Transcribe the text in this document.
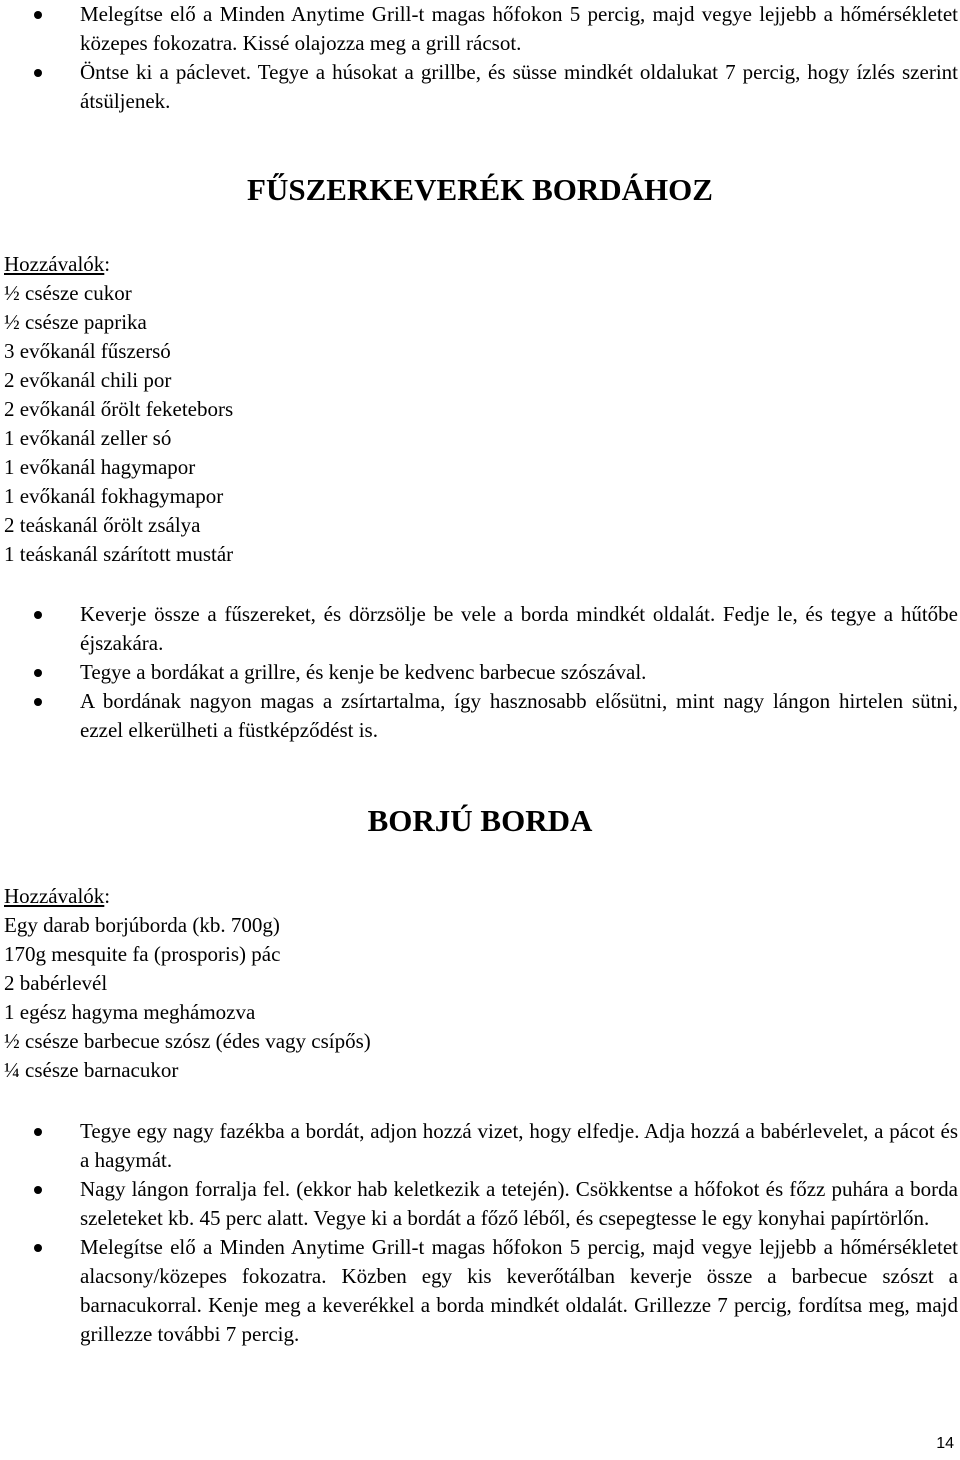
Melegítse elő a Minden Anytime Grill-t magas hőfokon 5 percig, majd vegye lejjebb a hőmérsékletet közepes fokozatra. Kissé olajozza meg a grill rácsot.
Öntse ki a páclevet. Tegye a húsokat a grillbe, és süsse mindkét oldalukat 7 percig, hogy ízlés szerint átsüljenek.
FŰSZERKEVERÉK BORDÁHOZ

Hozzávalók:

½ csésze cukor
½ csésze paprika
3 evőkanál fűszersó
2 evőkanál chili por
2 evőkanál őrölt feketebors
1 evőkanál zeller só
1 evőkanál hagymapor
1 evőkanál fokhagymapor
2 teáskanál őrölt zsálya
1 teáskanál szárított mustár
Keverje össze a fűszereket, és dörzsölje be vele a borda mindkét oldalát. Fedje le, és tegye a hűtőbe éjszakára.
Tegye a bordákat a grillre, és kenje be kedvenc barbecue szószával.
A bordának nagyon magas a zsírtartalma, így hasznosabb elősütni, mint nagy lángon hirtelen sütni, ezzel elkerülheti a füstképződést is.
BORJÚ BORDA

Hozzávalók:

Egy darab borjúborda (kb. 700g)
170g mesquite fa (prosporis) pác
2 babérlevél
1 egész hagyma meghámozva
½ csésze barbecue szósz (édes vagy csípős)
¼ csésze barnacukor
Tegye egy nagy fazékba a bordát, adjon hozzá vizet, hogy elfedje. Adja hozzá a babérlevelet, a pácot és a hagymát.
Nagy lángon forralja fel. (ekkor hab keletkezik a tetején). Csökkentse a hőfokot és főzz puhára a borda szeleteket kb. 45 perc alatt. Vegye ki a bordát a főző léből, és csepegtesse le egy konyhai papírtörlőn.
Melegítse elő a Minden Anytime Grill-t magas hőfokon 5 percig, majd vegye lejjebb a hőmérsékletet alacsony/közepes fokozatra. Közben egy kis keverőtálban keverje össze a barbecue szószt a barnacukorral. Kenje meg a keverékkel a borda mindkét oldalát. Grillezze 7 percig, fordítsa meg, majd grillezze további 7 percig.
14
